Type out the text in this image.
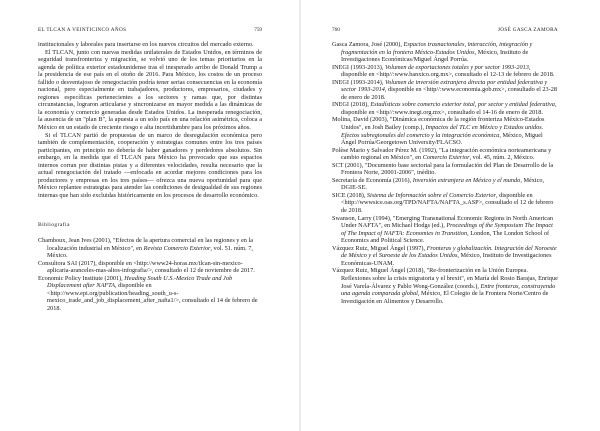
EL TLCAN A VEINTICINCO AÑOS	759

institucionales y laborales para insertarse en los nuevos circuitos del mercado externo.

El TLCAN, junto con nuevas medidas unilaterales de Estados Unidos, en términos de seguridad transfronteriza y migración, se volvió uno de los temas prioritarios en la agenda de política exterior estadounidense tras el inesperado arribo de Donald Trump a la presidencia de ese país en el otoño de 2016. Para México, los costos de un proceso fallido o desventajoso de renegociación podría tener serias consecuencias en la economía nacional, pero especialmente en trabajadores, productores, empresarios, ciudades y regiones específicas pertenecientes a los sectores y ramas que, por distintas circunstancias, lograron articularse y sincronizarse en mayor medida a las dinámicas de la economía y comercio generadas desde Estados Unidos. La inesperada renegociación, la ausencia de un "plan B", la apuesta a un solo país en una relación asimétrica, coloca a México en un estado de creciente riesgo e alta incertidumbre para los próximos años.

Si el TLCAN partió de propuestas de un marco de desregulación económica pero también de complementación, cooperación y estrategias comunes entre los tres países participantes, en principio no debería de haber ganadores y perdedores absolutos. Sin embargo, en la medida que el TLCAN para México ha provocado que sus espacios internos corran por distintas pistas y a diferentes velocidades, resulta necesario que la actual renegociación del tratado —enfocada en acordar mejores condiciones para los productores y empresas en los tres países— ofrezca una nueva oportunidad para que México replantee estrategias para atender las condiciones de desigualdad de sus regiones internas que han sido excluidas históricamente en los procesos de desarrollo económico.

Bibliografía

Chamboux, Jean Ives (2001), "Efectos de la apertura comercial en las regiones y en la localización industrial en México", en Revista Comercio Exterior, vol. 51. núm. 7, México.

Consultora SAI (2017), disponible en <http://www24-horas.mx/tlcan-sin-mexico-aplicaria-aranceles-mas-altos-infografia/>, consultado el 12 de noviembre de 2017.

Economic Policy Institute (2001), Heading South U.S.-Mexico Trade and Job Displacement after NAFTA, disponible en <http://www.epi.org/publication/heading_south_u-s-mexico_trade_and_job_displacement_after_nafta1/>, consultado el 14 de febrero de 2018.

760	JOSÉ GASCA ZAMORA

Gasca Zamora, José (2000), Espacios trasnacionales, interacción, integración y fragmentación en la frontera México-Estados Unidos, México, Instituto de Investigaciones Económicas/Miguel Ángel Porrúa.

INEGI (1993-2013), Volumen de exportaciones totales y por sector 1993-2013, disponible en <http//:www.banxico.org.mx>, consultado el 12-13 de febrero de 2018.

INEGI (1993-2014), Volumen de inversión extranjera directa por entidad federativa y sector 1993-2014, disponible en <http//:www.economia.gob.mx>, consultado el 23-28 de enero de 2018.

INEGI (2018), Estadísticas sobre comercio exterior total, por sector y entidad federativa, disponible en <http//:www.inegi.org.mx>, consultado el 14-16 de enero de 2018.

Molina, David (2003), "Dinámica económica de la región fronteriza México-Estados Unidos", en Josh Bailey (comp.), Impactos del TLC en México y Estados unidos. Efectos subregionales del comercio y la integración económica, México, Miguel Ángel Porrúa/Georgetown University/FLACSO.

Polèse Mario y Salvador Pérez M. (1992), "La integración económica norteamericana y cambio regional en México", en Comercio Exterior, vol. 45, núm. 2, México.

SCT (2001), "Documento base sectorial para la formulación del Plan de Desarrollo de la Frontera Norte, 20001-2006", inédito.

Secretaría de Economía (2016), Inversión extranjera en México y el mundo, México, DGIE-SE.

SICE (2018), Sistema de Información sobre el Comercio Exterior, disponible en <http://wwwsice.oas.org/TPD/NAFTA/NAFTA_s.ASP>, consultado el 12 de febrero de 2018.

Swanson, Larry (1994), "Emerging Transnational Economic Regions in North American Under NAFTA", en Michael Hodgs (ed.), Proceedings of the Symposium The Impact of The Impact of NAFTA: Economies in Transition, London, The London School of Economics and Political Science.

Vázquez Ruiz, Miguel Ángel (1997), Fronteras y globalización. Integración del Noroeste de México y el Suroeste de los Estados Unidos, México, Instituto de Investigaciones Económicas-UNAM.

Vázquez Ruiz, Miguel Ángel (2018), "Re-fronterización en la Unión Europea. Reflexiones sobre la crisis migratoria y el brexit", en María del Rosio Barajas, Enrique José Varela-Álvarez y Pablo Wong-González (coords.), Entre fronteras, construyendo una agenda comparada global, México, El Colegio de la Frontera Norte/Centro de Investigación en Alimentos y Desarrollo.
